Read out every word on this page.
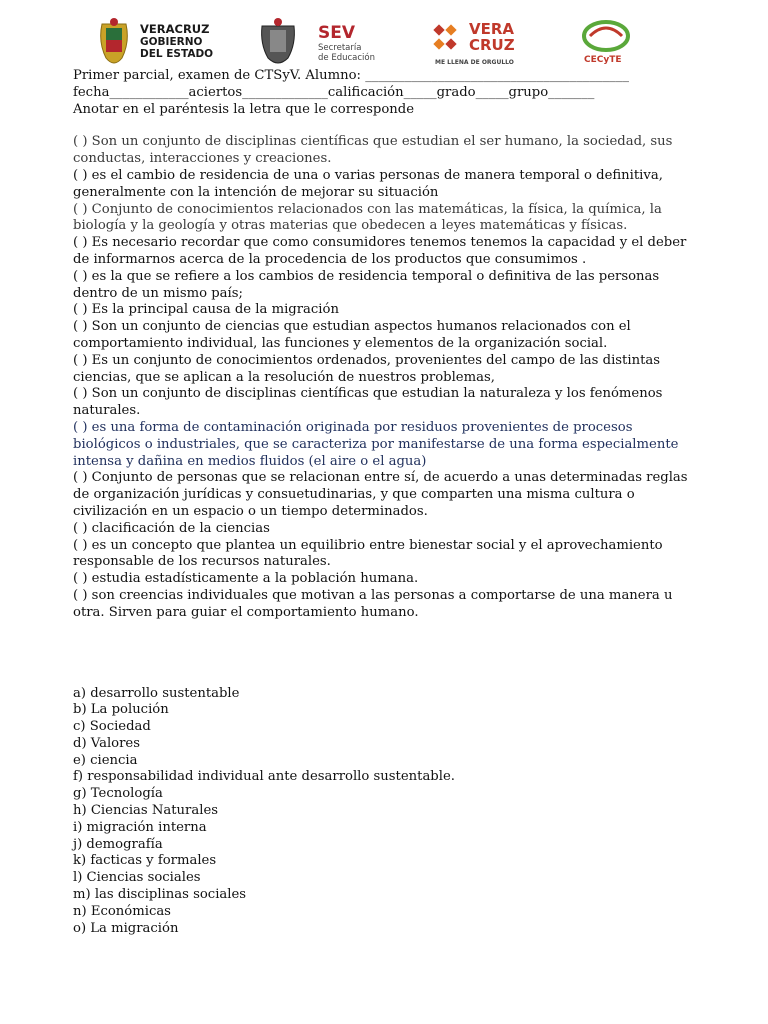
VERACRUZ
GOBIERNO
DEL ESTADO
SEV
Secretaría
de Educación
VERA
CRUZ
ME LLENA DE ORGULLO	CECyTE
Primer parcial, examen de CTSyV. Alumno: ________________________________________
fecha____________aciertos_____________calificación_____grado_____grupo_______
Anotar en el paréntesis la letra que le corresponde

( ) Son un conjunto de disciplinas científicas que estudian el ser humano, la sociedad, sus conductas, interacciones y creaciones.

( ) es el cambio de residencia de una o varias personas de manera temporal o definitiva, generalmente con la intención de mejorar su situación

( ) Conjunto de conocimientos relacionados con las matemáticas, la física, la química, la biología y la geología y otras materias que obedecen a leyes matemáticas y físicas.

( ) Es necesario recordar que como consumidores tenemos tenemos la capacidad y el deber de informarnos acerca de la procedencia de los productos que consumimos .

( ) es la que se refiere a los cambios de residencia temporal o definitiva de las personas dentro de un mismo país;

( ) Es la principal causa de la migración

( ) Son un conjunto de ciencias que estudian aspectos humanos relacionados con el comportamiento individual, las funciones y elementos de la organización social.

( ) Es un conjunto de conocimientos ordenados, provenientes del campo de las distintas ciencias, que se aplican a la resolución de nuestros problemas,

( ) Son un conjunto de disciplinas científicas que estudian la naturaleza y los fenómenos naturales.

( ) es una forma de contaminación originada por residuos provenientes de procesos biológicos o industriales, que se caracteriza por manifestarse de una forma especialmente intensa y dañina en medios fluidos (el aire o el agua)

( ) Conjunto de personas que se relacionan entre sí, de acuerdo a unas determinadas reglas de organización jurídicas y consuetudinarias, y que comparten una misma cultura o civilización en un espacio o un tiempo determinados.

( ) clacificación de la ciencias

( ) es un concepto que plantea un equilibrio entre bienestar social y el aprovechamiento responsable de los recursos naturales.

( ) estudia estadísticamente a la población humana.

( ) son creencias individuales que motivan a las personas a comportarse de una manera u otra. Sirven para guiar el comportamiento humano.

a) desarrollo sustentable
b) La polución
c) Sociedad
d) Valores
e) ciencia
f) responsabilidad individual ante desarrollo sustentable.
g) Tecnología
h) Ciencias Naturales
i) migración interna
j) demografía
k) facticas y formales
l) Ciencias sociales
m) las disciplinas sociales
n) Económicas
o) La migración
